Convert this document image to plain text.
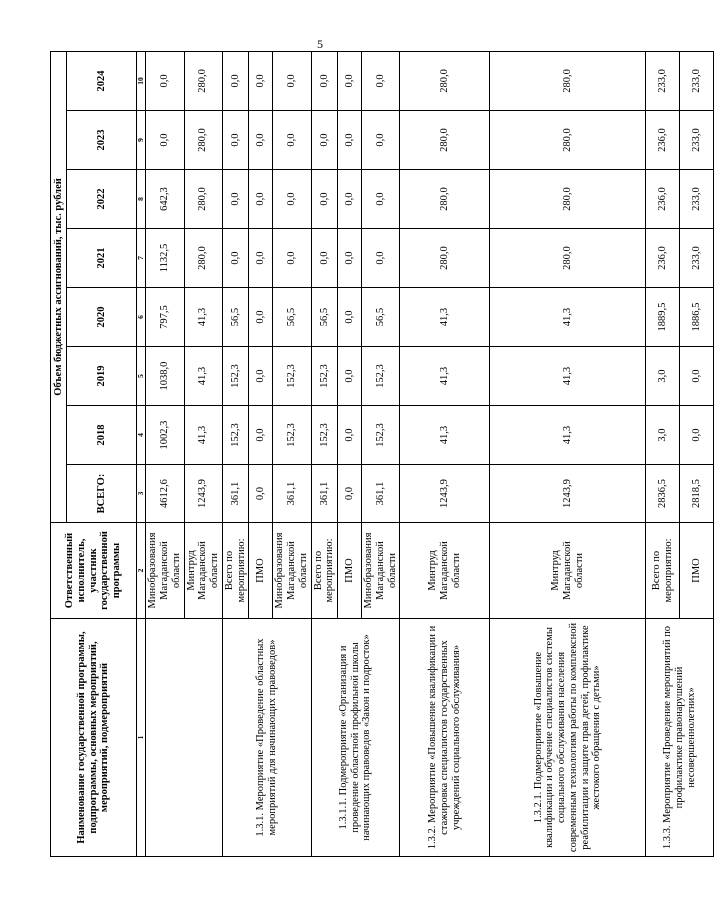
5
Наименование государственной программы, подпрограммы, основных мероприятий, мероприятий, подмероприятий	Ответственный исполнитель, участник государственной программы	Объем бюджетных ассигнований, тыс. рублей							
		ВСЕГО:	2018	2019	2020	2021	2022	2023	2024
1	2	3	4	5	6	7	8	9	10
	Минобразования Магаданской области	4612,6	1002,3	1038,0	797,5	1132,5	642,3	0,0	0,0
	Минтруд Магаданской области	1243,9	41,3	41,3	41,3	280,0	280,0	280,0	280,0
1.3.1. Мероприятие «Проведение областных мероприятий для начинающих правоведов»	Всего по мероприятию:	361,1	152,3	152,3	56,5	0,0	0,0	0,0	0,0
	ПМО	0,0	0,0	0,0	0,0	0,0	0,0	0,0	0,0
	Минобразования Магаданской области	361,1	152,3	152,3	56,5	0,0	0,0	0,0	0,0
1.3.1.1. Подмероприятие «Организация и проведение областной профильной школы начинающих правоведов «Закон и подросток»	Всего по мероприятию:	361,1	152,3	152,3	56,5	0,0	0,0	0,0	0,0
	ПМО	0,0	0,0	0,0	0,0	0,0	0,0	0,0	0,0
	Минобразования Магаданской области	361,1	152,3	152,3	56,5	0,0	0,0	0,0	0,0
1.3.2. Мероприятие «Повышение квалификации и стажировка специалистов государственных учреждений социального обслуживания»	Минтруд Магаданской области	1243,9	41,3	41,3	41,3	280,0	280,0	280,0	280,0
1.3.2.1. Подмероприятие «Повышение квалификации и обучение специалистов системы социального обслуживания населения современным технологиям работы по комплексной реабилитации и защите прав детей, профилактике жестокого обращения с детьми»	Минтруд Магаданской области	1243,9	41,3	41,3	41,3	280,0	280,0	280,0	280,0
1.3.3. Мероприятие «Проведение мероприятий по профилактике правонарушений несовершеннолетних»	Всего по мероприятию:	2836,5	3,0	3,0	1889,5	236,0	236,0	236,0	233,0
	ПМО	2818,5	0,0	0,0	1886,5	233,0	233,0	233,0	233,0
